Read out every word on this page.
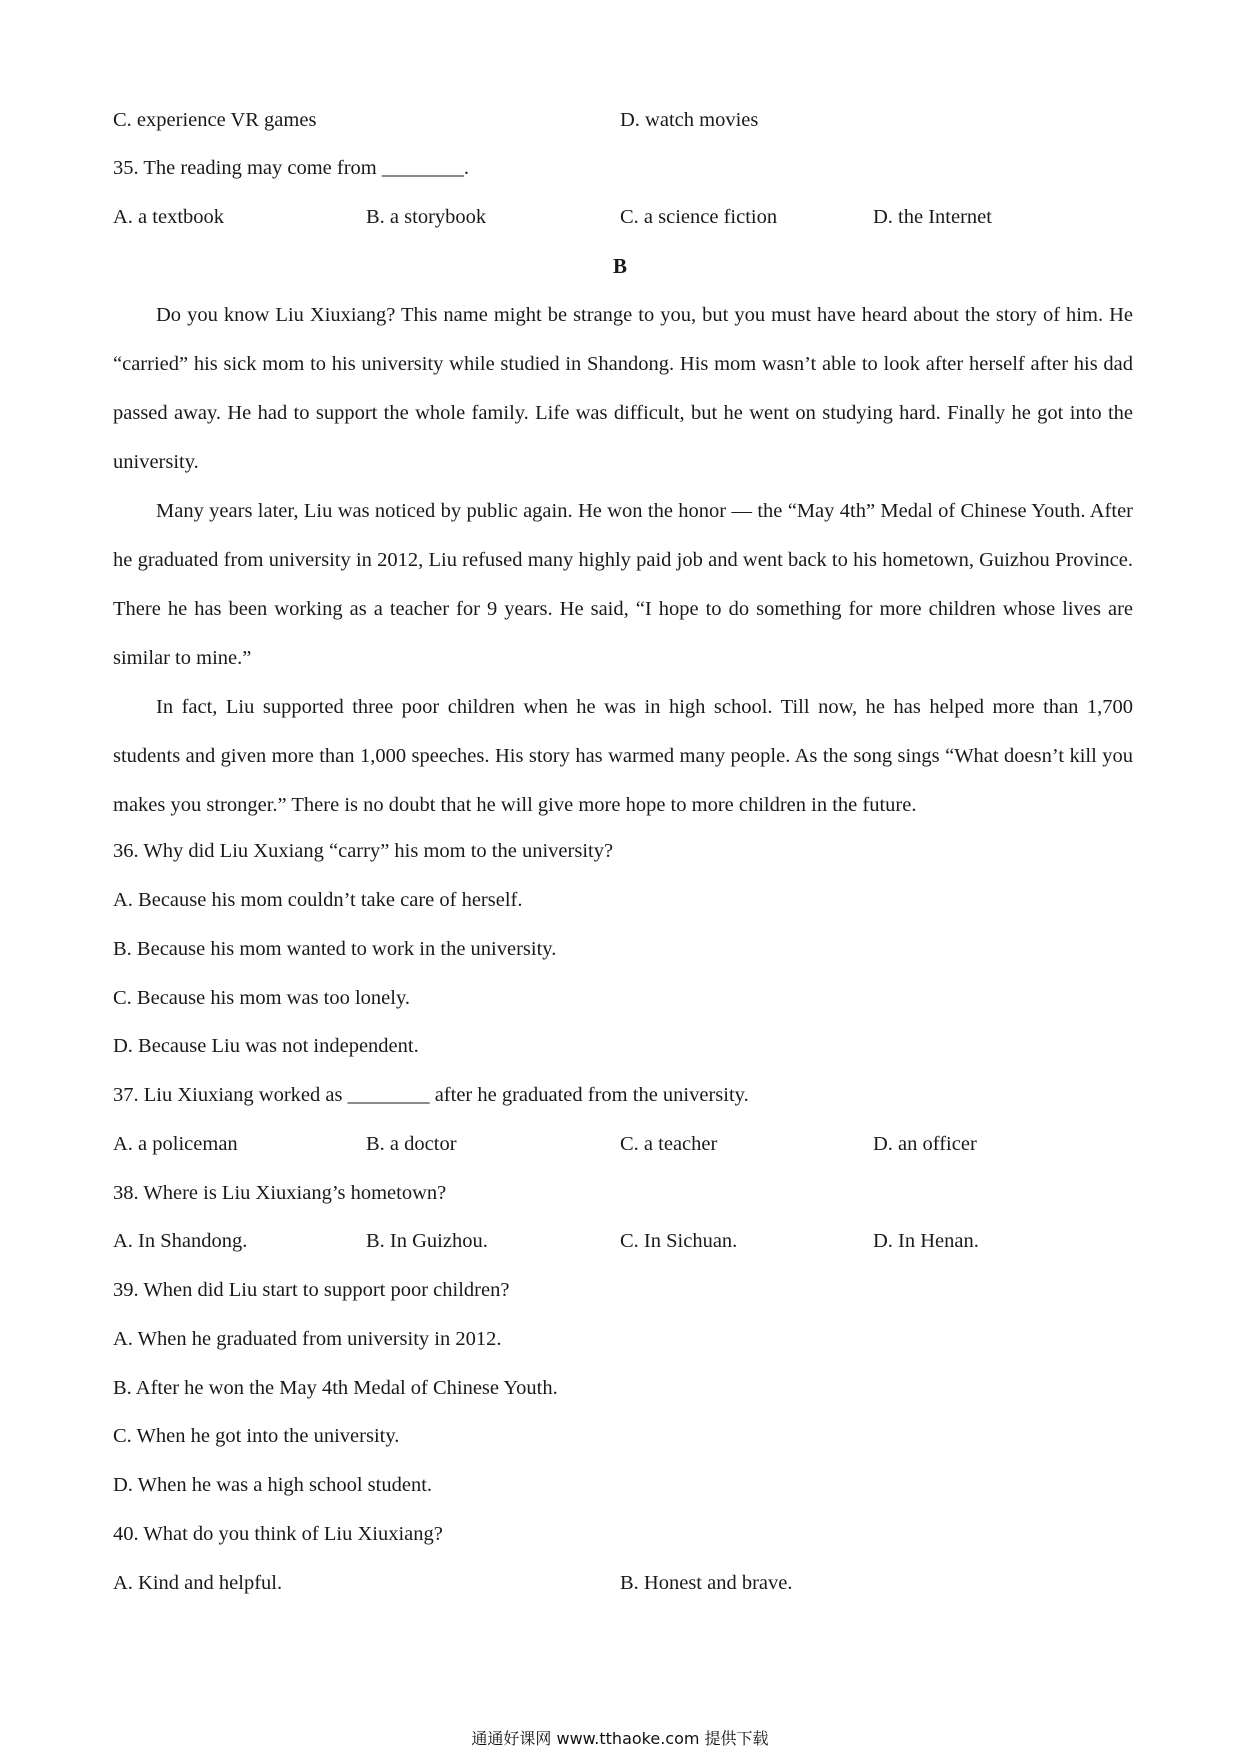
C. experience VR games	D. watch movies
35. The reading may come from ________.
A. a textbook	B. a storybook	C. a science fiction	D. the Internet
B

Do you know Liu Xiuxiang? This name might be strange to you, but you must have heard about the story of him. He “carried” his sick mom to his university while studied in Shandong. His mom wasn’t able to look after herself after his dad passed away. He had to support the whole family. Life was difficult, but he went on studying hard. Finally he got into the university.

Many years later, Liu was noticed by public again. He won the honor — the “May 4th” Medal of Chinese Youth. After he graduated from university in 2012, Liu refused many highly paid job and went back to his hometown, Guizhou Province. There he has been working as a teacher for 9 years. He said, “I hope to do something for more children whose lives are similar to mine.”

In fact, Liu supported three poor children when he was in high school. Till now, he has helped more than 1,700 students and given more than 1,000 speeches. His story has warmed many people. As the song sings “What doesn’t kill you makes you stronger.” There is no doubt that he will give more hope to more children in the future.

36. Why did Liu Xuxiang “carry” his mom to the university?
A. Because his mom couldn’t take care of herself.
B. Because his mom wanted to work in the university.
C. Because his mom was too lonely.
D. Because Liu was not independent.
37. Liu Xiuxiang worked as ________ after he graduated from the university.
A. a policeman	B. a doctor	C. a teacher	D. an officer
38. Where is Liu Xiuxiang’s hometown?
A. In Shandong.	B. In Guizhou.	C. In Sichuan.	D. In Henan.
39. When did Liu start to support poor children?
A. When he graduated from university in 2012.
B. After he won the May 4th Medal of Chinese Youth.
C. When he got into the university.
D. When he was a high school student.
40. What do you think of Liu Xiuxiang?
A. Kind and helpful.	B. Honest and brave.
通通好课网 www.tthaoke.com 提供下载
